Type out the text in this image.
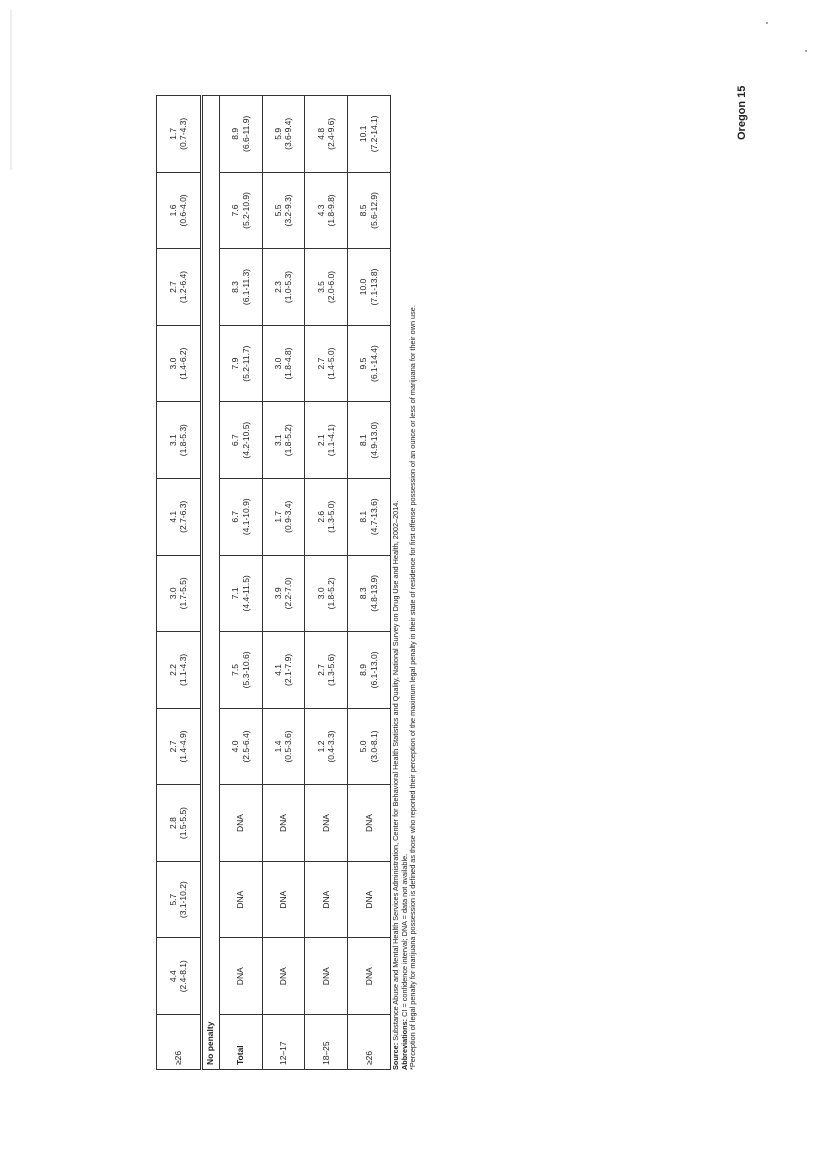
≥26	4.4 (2.4-8.1)	5.7 (3.1-10.2)	2.8 (1.5-5.5)	2.7 (1.4-4.9)	2.2 (1.1-4.3)	3.0 (1.7-5.5)	4.1 (2.7-6.3)	3.1 (1.8-5.3)	3.0 (1.4-6.2)	2.7 (1.2-6.4)	1.6 (0.6-4.0)	1.7 (0.7-4.3)

No penalty												
Total	DNA	DNA	DNA	4.0 (2.5-6.4)	7.5 (5.3-10.6)	7.1 (4.4-11.5)	6.7 (4.1-10.9)	6.7 (4.2-10.5)	7.9 (5.2-11.7)	8.3 (6.1-11.3)	7.6 (5.2-10.9)	8.9 (6.6-11.9)

12–17	DNA	DNA	DNA	1.4 (0.5-3.6)	4.1 (2.1-7.9)	3.9 (2.2-7.0)	1.7 (0.9-3.4)	3.1 (1.8-5.2)	3.0 (1.8-4.8)	2.3 (1.0-5.3)	5.5 (3.2-9.3)	5.9 (3.6-9.4)

18–25	DNA	DNA	DNA	1.2 (0.4-3.3)	2.7 (1.3-5.6)	3.0 (1.8-5.2)	2.6 (1.3-5.0)	2.1 (1.1-4.1)	2.7 (1.4-5.0)	3.5 (2.0-6.0)	4.3 (1.8-9.8)	4.8 (2.4-9.6)

≥26	DNA	DNA	DNA	5.0 (3.0-8.1)	8.9 (6.1-13.0)	8.3 (4.8-13.9)	8.1 (4.7-13.6)	8.1 (4.9-13.0)	9.5 (6.1-14.4)	10.0 (7.1-13.8)	8.5 (5.6-12.9)	10.1 (7.2-14.1)
Source: Substance Abuse and Mental Health Services Administration, Center for Behavioral Health Statistics and Quality, National Survey on Drug Use and Health, 2002–2014.
Abbreviations: CI = confidence interval; DNA = data not available. *Perception of legal penalty for marijuana possession is defined as those who reported their perception of the maximum legal penalty in their state of residence for first offense possession of an ounce or less of marijuana for their own use.
Oregon 15
